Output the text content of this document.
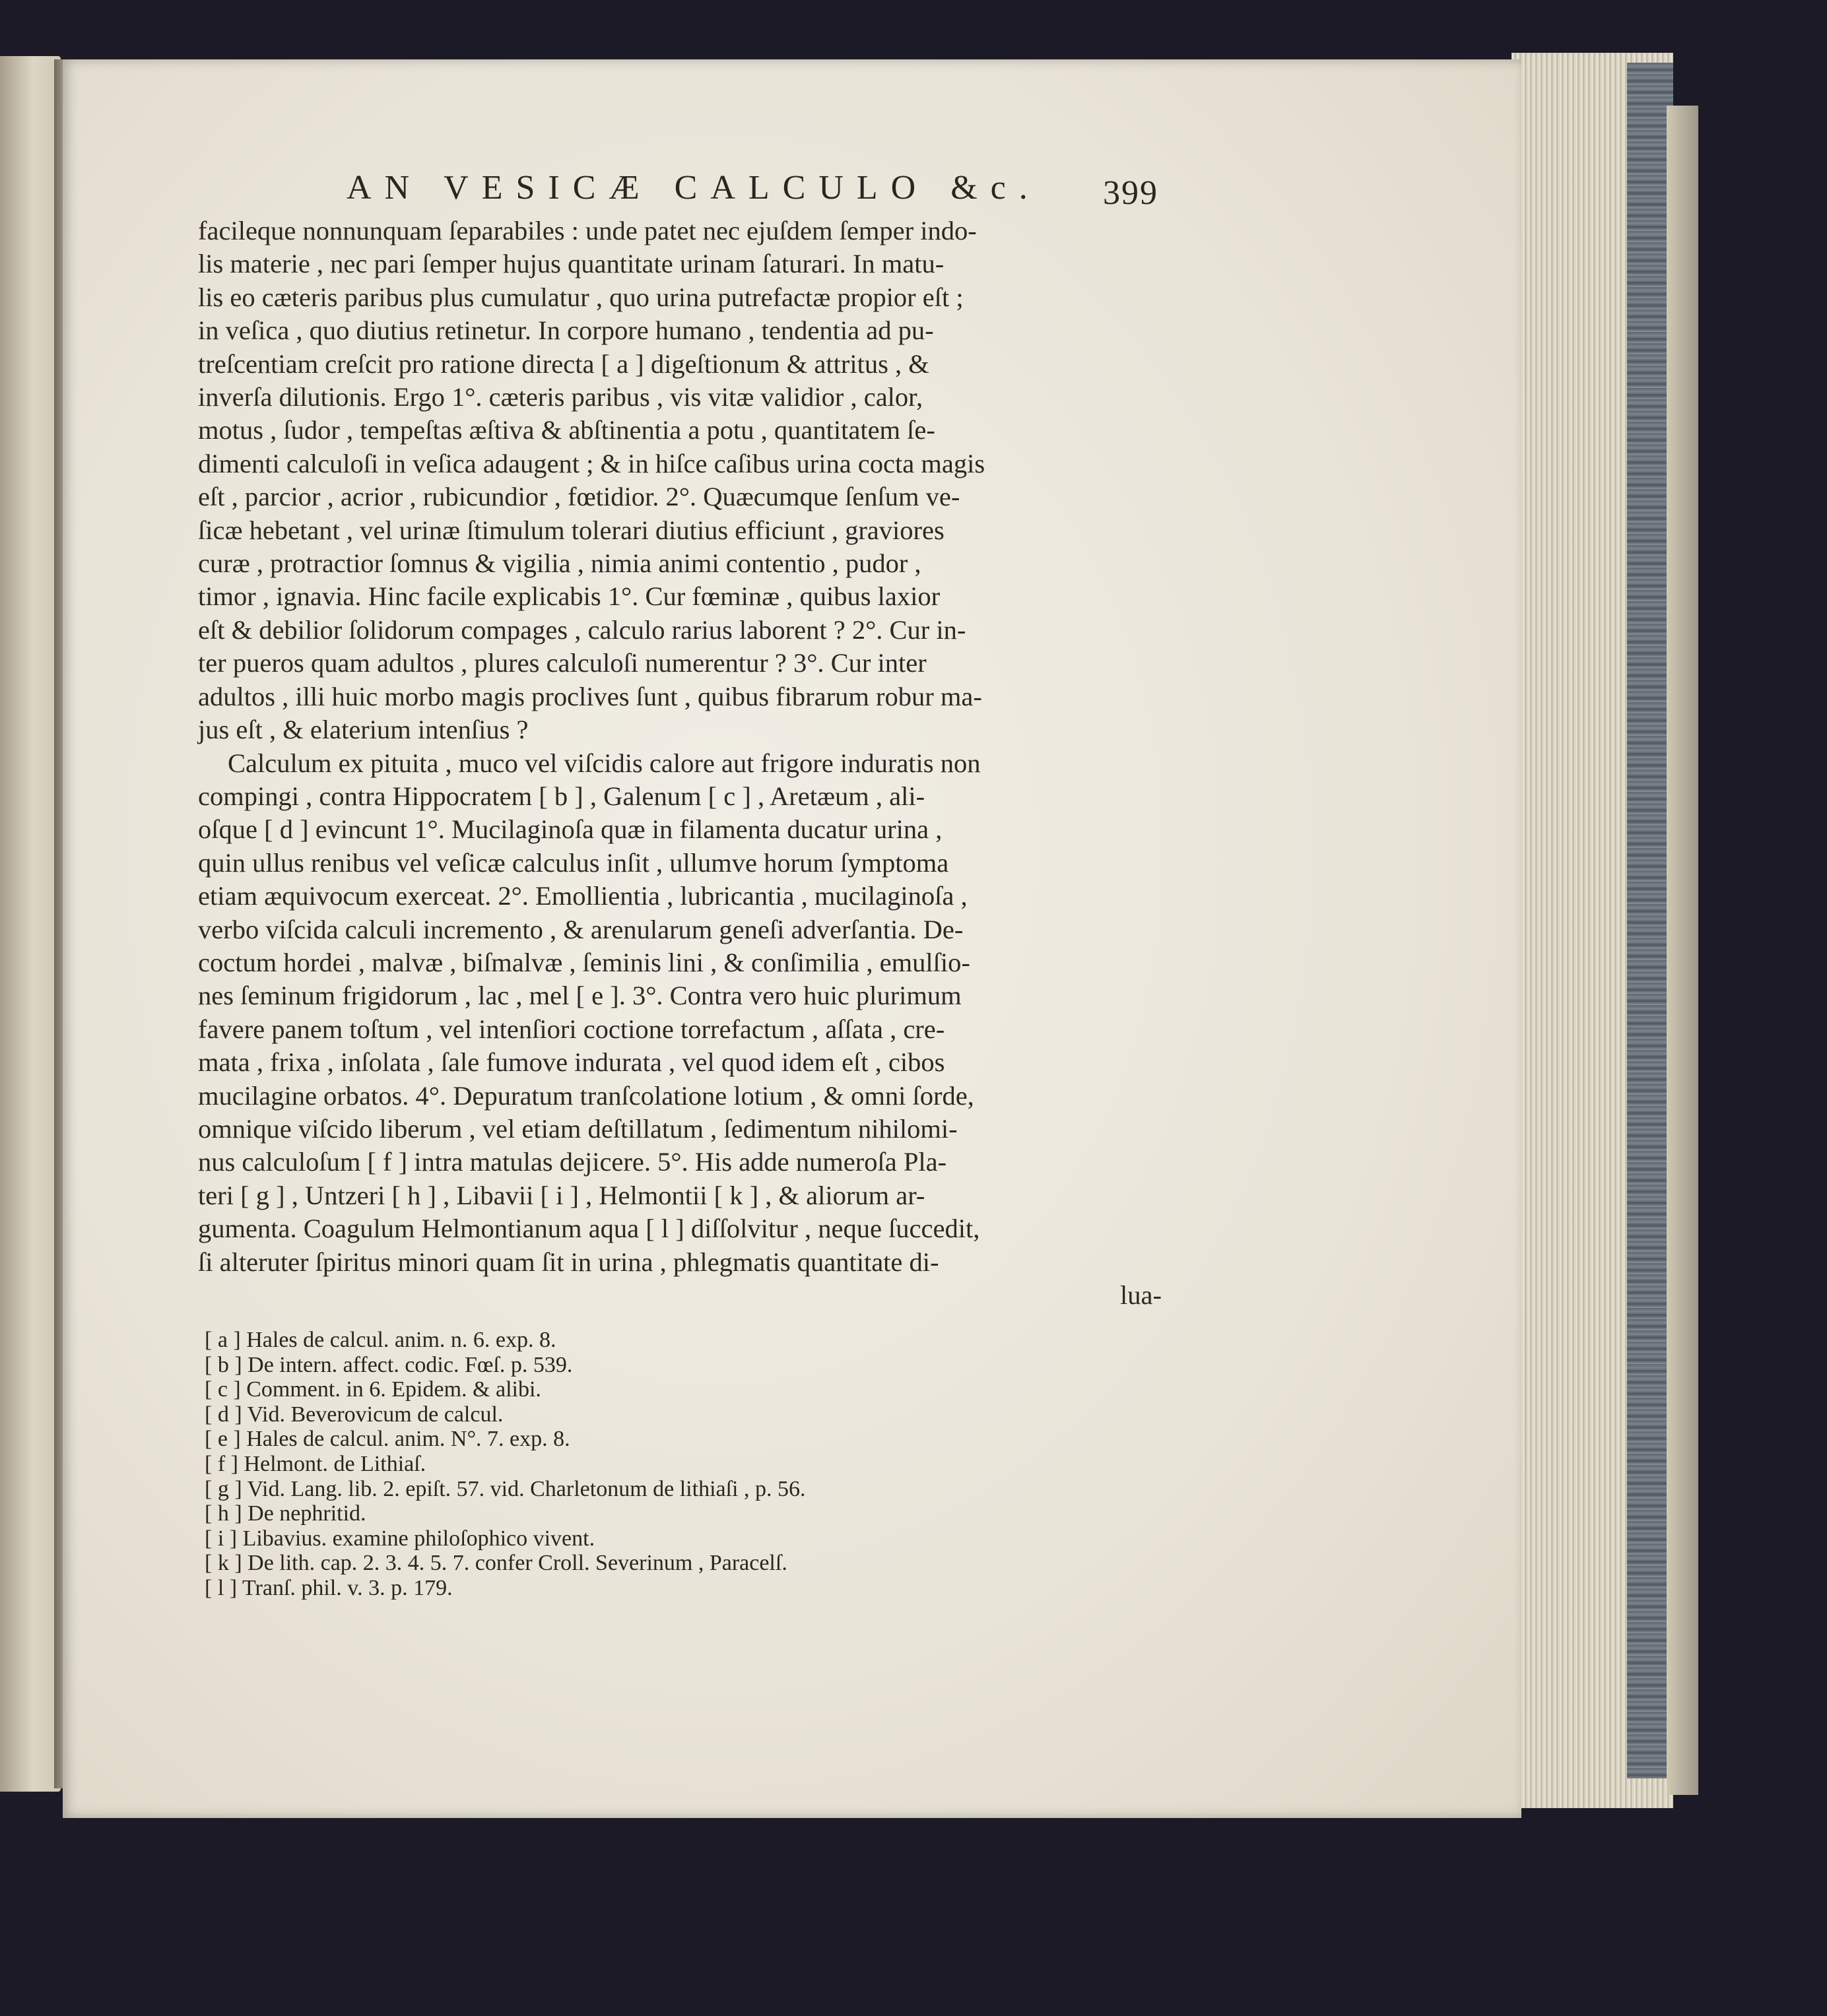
AN VESICÆ CALCULO &c. 399
facileque nonnunquam ſeparabiles : unde patet nec ejuſdem ſemper indo-
lis materie , nec pari ſemper hujus quantitate urinam ſaturari. In matu-
lis eo cæteris paribus plus cumulatur , quo urina putrefactæ propior eſt ;
in veſica , quo diutius retinetur. In corpore humano , tendentia ad pu-
treſcentiam creſcit pro ratione directa [ a ] digeſtionum & attritus , &
inverſa dilutionis. Ergo 1°. cæteris paribus , vis vitæ validior , calor,
motus , ſudor , tempeſtas æſtiva & abſtinentia a potu , quantitatem ſe-
dimenti calculoſi in veſica adaugent ; & in hiſce caſibus urina cocta magis
eſt , parcior , acrior , rubicundior , fœtidior. 2°. Quæcumque ſenſum ve-
ſicæ hebetant , vel urinæ ſtimulum tolerari diutius efficiunt , graviores
curæ , protractior ſomnus & vigilia , nimia animi contentio , pudor ,
timor , ignavia. Hinc facile explicabis 1°. Cur fœminæ , quibus laxior
eſt & debilior ſolidorum compages , calculo rarius laborent ? 2°. Cur in-
ter pueros quam adultos , plures calculoſi numerentur ? 3°. Cur inter
adultos , illi huic morbo magis proclives ſunt , quibus fibrarum robur ma-
jus eſt , & elaterium intenſius ?
Calculum ex pituita , muco vel viſcidis calore aut frigore induratis non
compingi , contra Hippocratem [ b ] , Galenum [ c ] , Aretæum , ali-
oſque [ d ] evincunt 1°. Mucilaginoſa quæ in filamenta ducatur urina ,
quin ullus renibus vel veſicæ calculus inſit , ullumve horum ſymptoma
etiam æquivocum exerceat. 2°. Emollientia , lubricantia , mucilaginoſa ,
verbo viſcida calculi incremento , & arenularum geneſi adverſantia. De-
coctum hordei , malvæ , biſmalvæ , ſeminis lini , & conſimilia , emulſio-
nes ſeminum frigidorum , lac , mel [ e ]. 3°. Contra vero huic plurimum
favere panem toſtum , vel intenſiori coctione torrefactum , aſſata , cre-
mata , frixa , inſolata , ſale fumove indurata , vel quod idem eſt , cibos
mucilagine orbatos. 4°. Depuratum tranſcolatione lotium , & omni ſorde,
omnique viſcido liberum , vel etiam deſtillatum , ſedimentum nihilomi-
nus calculoſum [ f ] intra matulas dejicere. 5°. His adde numeroſa Pla-
teri [ g ] , Untzeri [ h ] , Libavii [ i ] , Helmontii [ k ] , & aliorum ar-
gumenta. Coagulum Helmontianum aqua [ l ] diſſolvitur , neque ſuccedit,
ſi alteruter ſpiritus minori quam ſit in urina , phlegmatis quantitate di-
lua-
[ a ] Hales de calcul. anim. n. 6. exp. 8.
[ b ] De intern. affect. codic. Fœſ. p. 539.
[ c ] Comment. in 6. Epidem. & alibi.
[ d ] Vid. Beverovicum de calcul.
[ e ] Hales de calcul. anim. N°. 7. exp. 8.
[ f ] Helmont. de Lithiaſ.
[ g ] Vid. Lang. lib. 2. epiſt. 57. vid. Charletonum de lithiaſi , p. 56.
[ h ] De nephritid.
[ i ] Libavius. examine philoſophico vivent.
[ k ] De lith. cap. 2. 3. 4. 5. 7. confer Croll. Severinum , Paracelſ.
[ l ] Tranſ. phil. v. 3. p. 179.
